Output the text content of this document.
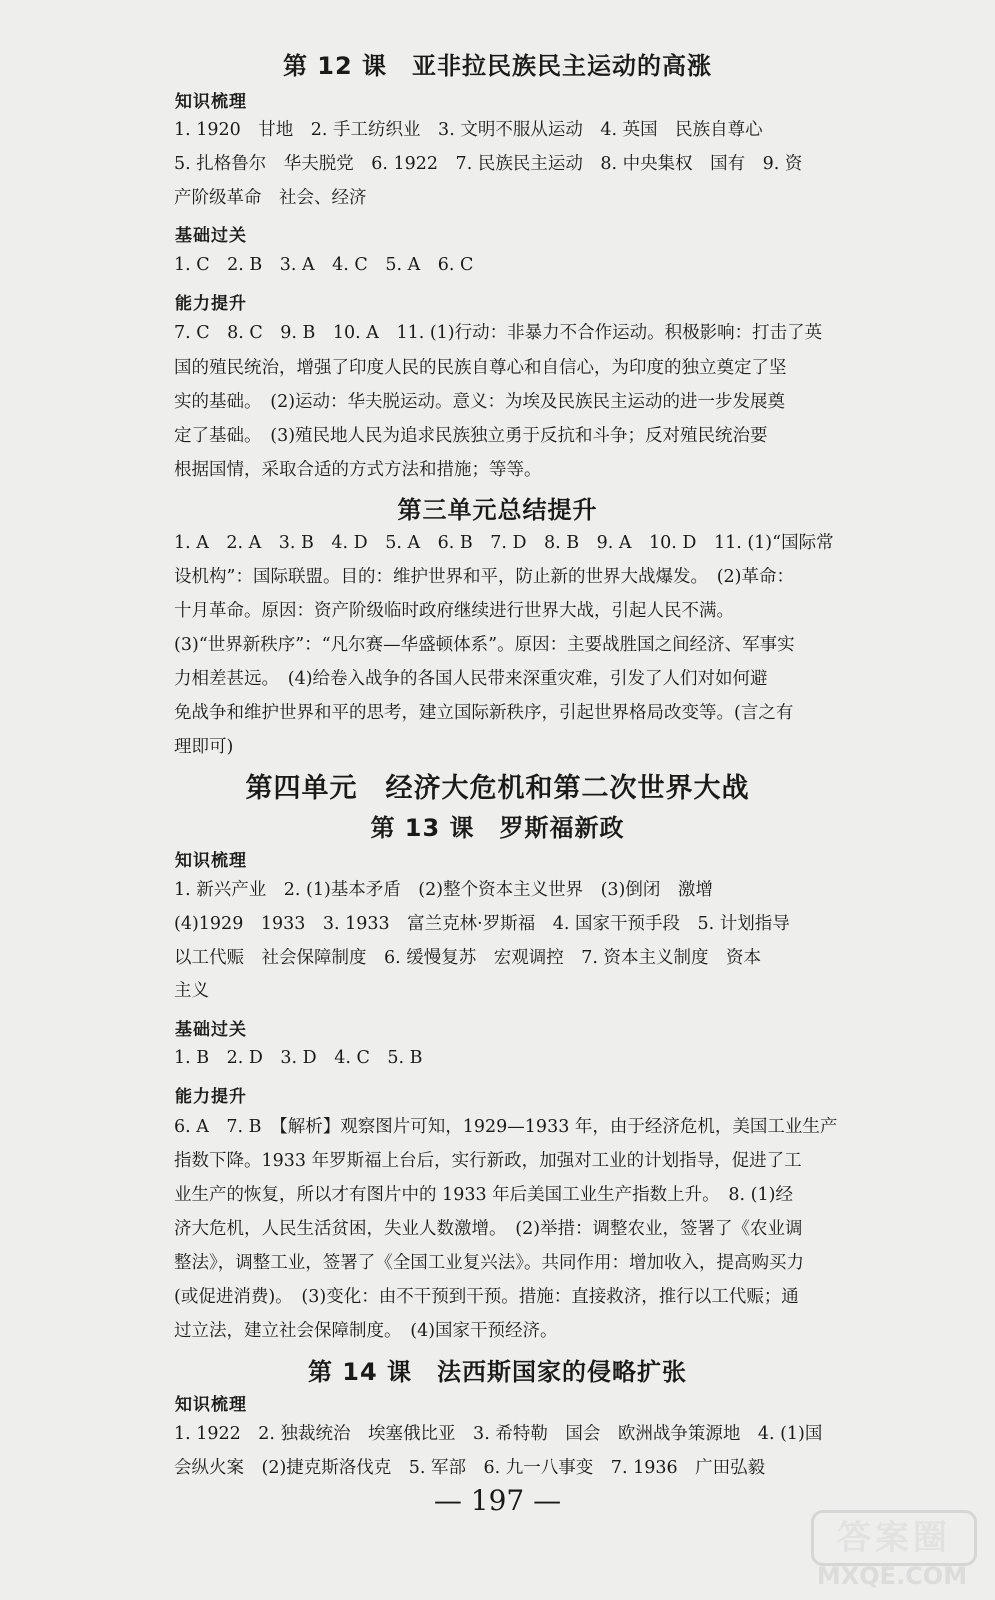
第 12 课　亚非拉民族民主运动的高涨
知识梳理
1. 1920　甘地　2. 手工纺织业　3. 文明不服从运动　4. 英国　民族自尊心
5. 扎格鲁尔　华夫脱党　6. 1922　7. 民族民主运动　8. 中央集权　国有　9. 资
产阶级革命　社会、经济
基础过关
1. C　2. B　3. A　4. C　5. A　6. C
能力提升
7. C　8. C　9. B　10. A　11. (1)行动：非暴力不合作运动。积极影响：打击了英
国的殖民统治，增强了印度人民的民族自尊心和自信心，为印度的独立奠定了坚
实的基础。　(2)运动：华夫脱运动。意义：为埃及民族民主运动的进一步发展奠
定了基础。　(3)殖民地人民为追求民族独立勇于反抗和斗争；反对殖民统治要
根据国情，采取合适的方式方法和措施；等等。
第三单元总结提升
1. A　2. A　3. B　4. D　5. A　6. B　7. D　8. B　9. A　10. D　11. (1)“国际常
设机构”：国际联盟。目的：维护世界和平，防止新的世界大战爆发。　(2)革命：
十月革命。原因：资产阶级临时政府继续进行世界大战，引起人民不满。
(3)“世界新秩序”：“凡尔赛—华盛顿体系”。原因：主要战胜国之间经济、军事实
力相差甚远。　(4)给卷入战争的各国人民带来深重灾难，引发了人们对如何避
免战争和维护世界和平的思考，建立国际新秩序，引起世界格局改变等。(言之有
理即可)
第四单元　经济大危机和第二次世界大战
第 13 课　罗斯福新政
知识梳理
1. 新兴产业　2. (1)基本矛盾　(2)整个资本主义世界　(3)倒闭　激增
(4)1929　1933　3. 1933　富兰克林·罗斯福　4. 国家干预手段　5. 计划指导
以工代赈　社会保障制度　6. 缓慢复苏　宏观调控　7. 资本主义制度　资本
主义
基础过关
1. B　2. D　3. D　4. C　5. B
能力提升
6. A　7. B　【解析】观察图片可知，1929—1933 年，由于经济危机，美国工业生产
指数下降。1933 年罗斯福上台后，实行新政，加强对工业的计划指导，促进了工
业生产的恢复，所以才有图片中的 1933 年后美国工业生产指数上升。　8. (1)经
济大危机，人民生活贫困，失业人数激增。　(2)举措：调整农业，签署了《农业调
整法》，调整工业，签署了《全国工业复兴法》。共同作用：增加收入，提高购买力
(或促进消费)。　(3)变化：由不干预到干预。措施：直接救济，推行以工代赈；通
过立法，建立社会保障制度。　(4)国家干预经济。
第 14 课　法西斯国家的侵略扩张
知识梳理
1. 1922　2. 独裁统治　埃塞俄比亚　3. 希特勒　国会　欧洲战争策源地　4. (1)国
会纵火案　(2)捷克斯洛伐克　5. 军部　6. 九一八事变　7. 1936　广田弘毅
— 197 —
答案圈
MXQE.COM
